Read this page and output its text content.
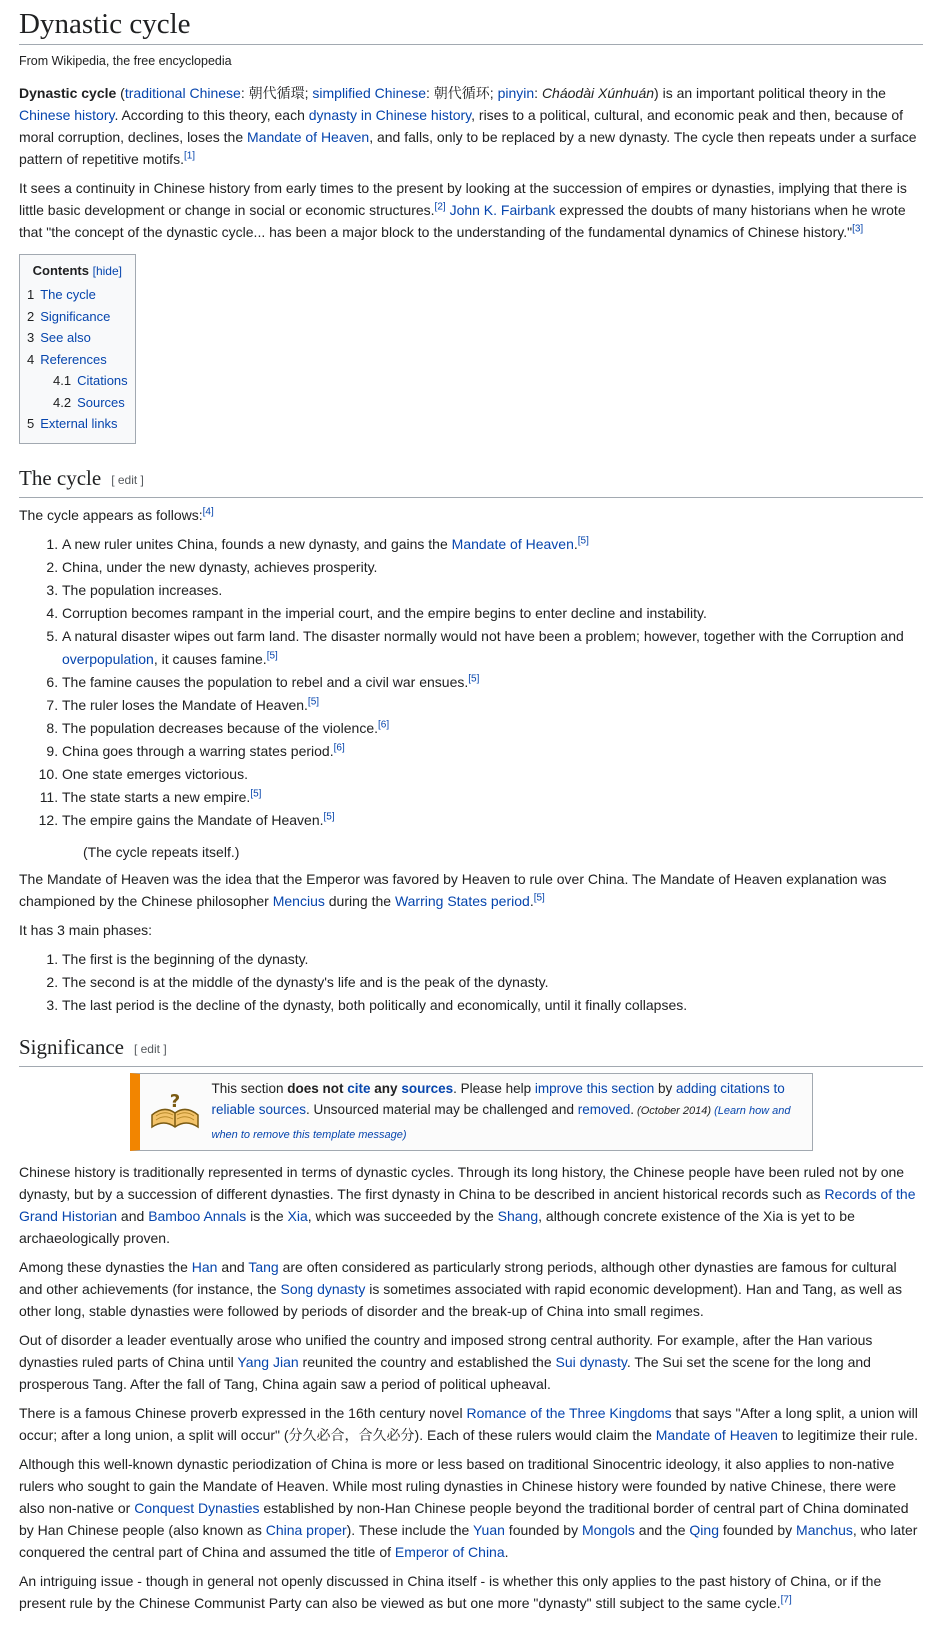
Dynastic cycle
From Wikipedia, the free encyclopedia

Dynastic cycle (traditional Chinese: 朝代循環; simplified Chinese: 朝代循环; pinyin: Cháodài Xúnhuán) is an important political theory in the Chinese history. According to this theory, each dynasty in Chinese history, rises to a political, cultural, and economic peak and then, because of moral corruption, declines, loses the Mandate of Heaven, and falls, only to be replaced by a new dynasty. The cycle then repeats under a surface pattern of repetitive motifs.[1]

It sees a continuity in Chinese history from early times to the present by looking at the succession of empires or dynasties, implying that there is little basic development or change in social or economic structures.[2] John K. Fairbank expressed the doubts of many historians when he wrote that "the concept of the dynastic cycle... has been a major block to the understanding of the fundamental dynamics of Chinese history."[3]

Contents [hide]
1 The cycle
2 Significance
3 See also
4 References
4.1 Citations
4.2 Sources
5 External links
The cycle [ edit ]

The cycle appears as follows:[4]

1. A new ruler unites China, founds a new dynasty, and gains the Mandate of Heaven.[5]
2. China, under the new dynasty, achieves prosperity.
3. The population increases.
4. Corruption becomes rampant in the imperial court, and the empire begins to enter decline and instability.
5. A natural disaster wipes out farm land. The disaster normally would not have been a problem; however, together with the Corruption and overpopulation, it causes famine.[5]
6. The famine causes the population to rebel and a civil war ensues.[5]
7. The ruler loses the Mandate of Heaven.[5]
8. The population decreases because of the violence.[6]
9. China goes through a warring states period.[6]
10. One state emerges victorious.
11. The state starts a new empire.[5]
12. The empire gains the Mandate of Heaven.[5]
(The cycle repeats itself.)

The Mandate of Heaven was the idea that the Emperor was favored by Heaven to rule over China. The Mandate of Heaven explanation was championed by the Chinese philosopher Mencius during the Warring States period.[5]

It has 3 main phases:

1. The first is the beginning of the dynasty.
2. The second is at the middle of the dynasty's life and is the peak of the dynasty.
3. The last period is the decline of the dynasty, both politically and economically, until it finally collapses.
Significance [ edit ]
?
This section does not cite any sources. Please help improve this section by adding citations to reliable sources. Unsourced material may be challenged and removed. (October 2014) (Learn how and when to remove this template message)

Chinese history is traditionally represented in terms of dynastic cycles. Through its long history, the Chinese people have been ruled not by one dynasty, but by a succession of different dynasties. The first dynasty in China to be described in ancient historical records such as Records of the Grand Historian and Bamboo Annals is the Xia, which was succeeded by the Shang, although concrete existence of the Xia is yet to be archaeologically proven.

Among these dynasties the Han and Tang are often considered as particularly strong periods, although other dynasties are famous for cultural and other achievements (for instance, the Song dynasty is sometimes associated with rapid economic development). Han and Tang, as well as other long, stable dynasties were followed by periods of disorder and the break-up of China into small regimes.

Out of disorder a leader eventually arose who unified the country and imposed strong central authority. For example, after the Han various dynasties ruled parts of China until Yang Jian reunited the country and established the Sui dynasty. The Sui set the scene for the long and prosperous Tang. After the fall of Tang, China again saw a period of political upheaval.

There is a famous Chinese proverb expressed in the 16th century novel Romance of the Three Kingdoms that says "After a long split, a union will occur; after a long union, a split will occur" (分久必合，合久必分). Each of these rulers would claim the Mandate of Heaven to legitimize their rule.

Although this well-known dynastic periodization of China is more or less based on traditional Sinocentric ideology, it also applies to non-native rulers who sought to gain the Mandate of Heaven. While most ruling dynasties in Chinese history were founded by native Chinese, there were also non-native or Conquest Dynasties established by non-Han Chinese people beyond the traditional border of central part of China dominated by Han Chinese people (also known as China proper). These include the Yuan founded by Mongols and the Qing founded by Manchus, who later conquered the central part of China and assumed the title of Emperor of China.

An intriguing issue - though in general not openly discussed in China itself - is whether this only applies to the past history of China, or if the present rule by the Chinese Communist Party can also be viewed as but one more "dynasty" still subject to the same cycle.[7]
